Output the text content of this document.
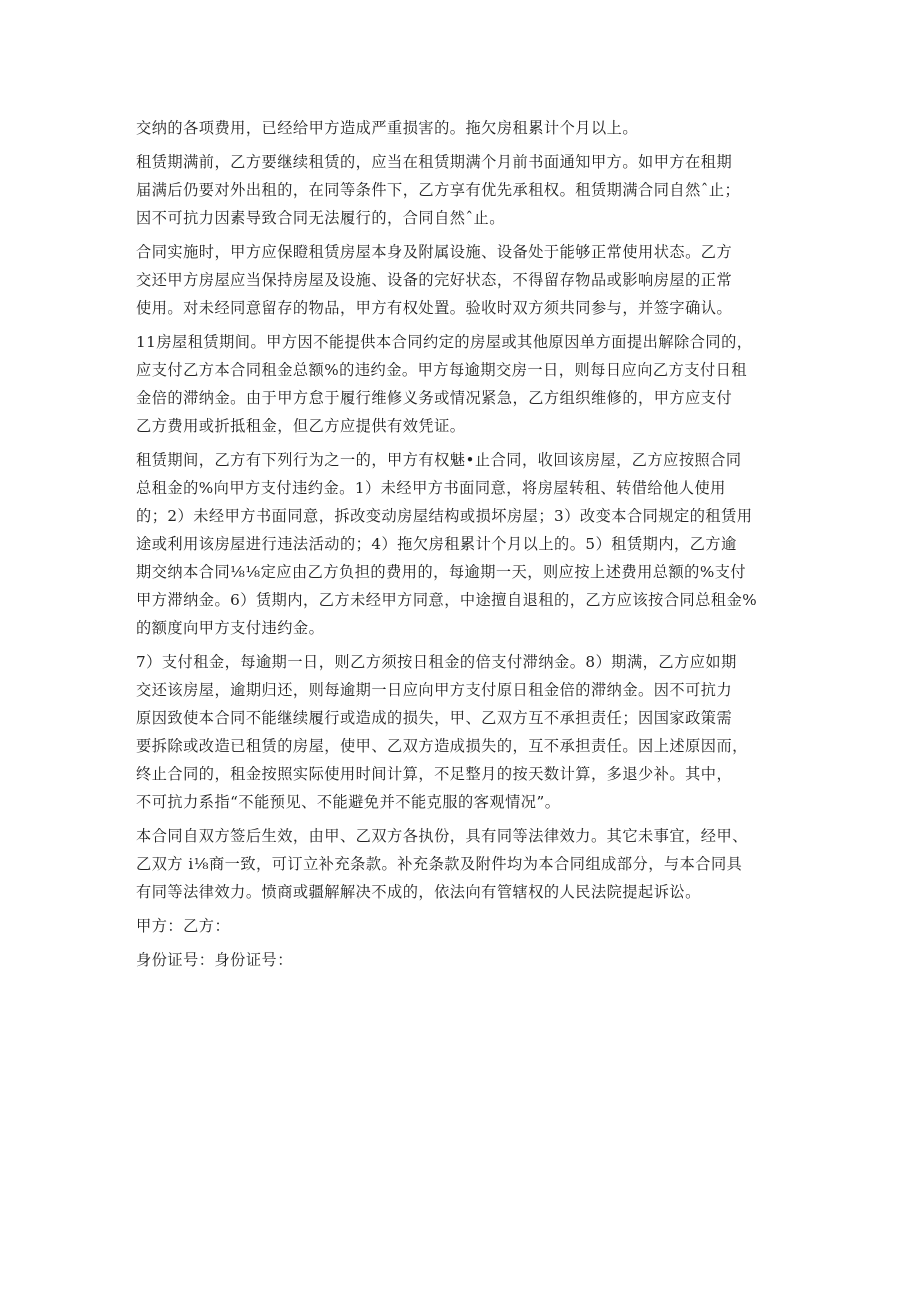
交纳的各项费用，已经给甲方造成严重损害的。拖欠房租累计个月以上。
租赁期满前，乙方要继续租赁的，应当在租赁期满个月前书面通知甲方。如甲方在租期
届满后仍要对外出租的，在同等条件下，乙方享有优先承租权。租赁期满合同自然ˆ止；
因不可抗力因素导致合同无法履行的，合同自然ˆ止。
合同实施时，甲方应保瞪租赁房屋本身及附属设施、设备处于能够正常使用状态。乙方
交还甲方房屋应当保持房屋及设施、设备的完好状态，不得留存物品或影响房屋的正常
使用。对未经同意留存的物品，甲方有权处置。验收时双方须共同参与，并签字确认。
11房屋租赁期间。甲方因不能提供本合同约定的房屋或其他原因单方面提出解除合同的，
应支付乙方本合同租金总额%的违约金。甲方每逾期交房一日，则每日应向乙方支付日租
金倍的滞纳金。由于甲方怠于履行维修义务或情况紧急，乙方组织维修的，甲方应支付
乙方费用或折抵租金，但乙方应提供有效凭证。
租赁期间，乙方有下列行为之一的，甲方有权魅•止合同，收回该房屋，乙方应按照合同
总租金的%向甲方支付违约金。1）未经甲方书面同意，将房屋转租、转借给他人使用
的；2）未经甲方书面同意，拆改变动房屋结构或损坏房屋；3）改变本合同规定的租赁用
途或利用该房屋进行违法活动的；4）拖欠房租累计个月以上的。5）租赁期内，乙方逾
期交纳本合同⅛⅛定应由乙方负担的费用的，每逾期一天，则应按上述费用总额的%支付
甲方滞纳金。6）赁期内，乙方未经甲方同意，中途擅自退租的，乙方应该按合同总租金%
的额度向甲方支付违约金。
7）支付租金，每逾期一日，则乙方须按日租金的倍支付滞纳金。8）期满，乙方应如期
交还该房屋，逾期归还，则每逾期一日应向甲方支付原日租金倍的滞纳金。因不可抗力
原因致使本合同不能继续履行或造成的损失，甲、乙双方互不承担责任；因国家政策需
要拆除或改造已租赁的房屋，使甲、乙双方造成损失的，互不承担责任。因上述原因而，
终止合同的，租金按照实际使用时间计算，不足整月的按天数计算，多退少补。其中，
不可抗力系指“不能预见、不能避免并不能克服的客观情况”。
本合同自双方签后生效，由甲、乙双方各执份，具有同等法律效力。其它未事宜，经甲、
乙双方 i⅛商一致，可订立补充条款。补充条款及附件均为本合同组成部分，与本合同具
有同等法律效力。愤商或疆解解决不成的，依法向有管辖权的人民法院提起诉讼。
甲方：乙方：
身份证号：身份证号：
